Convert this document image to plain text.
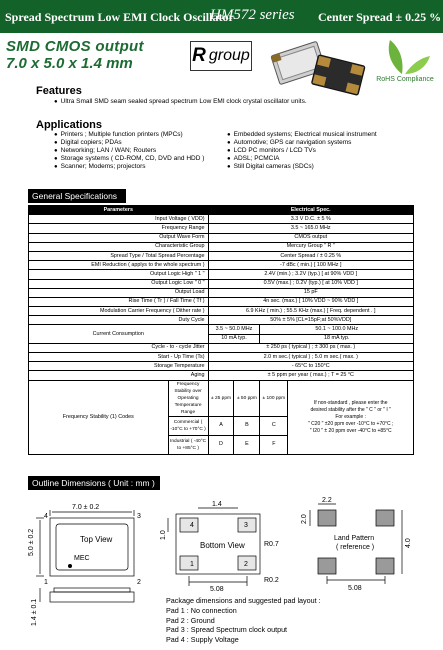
Spread Spectrum Low EMI Clock Oscillator
HM572 series Center Spread ± 0.25 %
SMD CMOS output
7.0 x 5.0 x 1.4 mm	R group
RoHS Compliance
Features
● Ultra Small SMD seam sealed spread spectrum Low EMI clock crystal oscillator units.
Applications
● Printers ; Multiple function printers (MPCs)
● Digital copiers; PDAs
● Networking; LAN / WAN; Routers
● Storage systems ( CD-ROM, CD, DVD and HDD )
● Scanner; Modems; projectors
● Embedded systems; Electrical musical instrument
● Automotive; GPS car navigation systems
● LCD PC monitors / LCD TVs
● ADSL; PCMCIA
● Still Digital cameras (SDCs)
General Specifications
Parameters		Electrical Spec.			
Input Voltage ( VDD)		3.3 V D.C. ± 5 %			
Frequency Range		3.5 ~ 165.0 MHz			
Output Wave Form		CMOS output			
Characteristic Group		Mercury Group " R "			
Spread Type / Total Spread Percentage		Center Spread / ± 0.25 %			
EMI Reduction ( applys to the whole spectrum )		-7 dBc ( min.) [ 100 MHz ]			
Output Logic High " 1 "		2.4V (min.) ; 3.2V (typ.) [ at 90% VDD ]			
Output Logic Low " 0 "		0.5V (max.) ; 0.2V (typ.) [ at 10% VDD ]			
Output Load		15 pF			
Rise Time ( Tr ) / Fall Time ( Tf )		4n sec. (max.) [ 10% VDD ~ 90% VDD ]			
Modulation Carrier Frequency ( Dither rate )		6.9 KHz ( min.) ; 55.5 KHz (max.) [ Freq. dependent . ]			
Duty Cycle		50% ± 5% [CL=15pF;at 50%VDD]			
Current Consumption		3.5 ~ 50.0 MHz		50.1 ~ 100.0 MHz	
		10 mA typ.		18 mA typ.	
Cycle - to - cycle Jitter		± 250 ps ( typical ) ; ± 300 ps ( max. )			
Start - Up Time (Ts)		2.0 m sec.( typical ) ; 5.0 m sec.( max. )			
Storage Temperature		- 65°C to 150°C			
Aging		± 5 ppm per year ( max.) ; T = 25 °C			
Frequency Stability (1) Codes	Frequency Stability over Operating Temperature Range	± 25 ppm	± 50 ppm	± 100 ppm	If non-standard , please enter the
desired stability after the " C " or " I "
For example :
" C20 " ±20 ppm over -10°C to +70°C ;
" I20 " ± 20 ppm over -40°C to +85°C

	Commercial ( -10°C to +70°C )	A	B	C	
	Industrial ( -40°C to +85°C )	D	E	F	
Outline Dimensions ( Unit : mm )
7.0 ± 0.2
5.0 ± 0.2	Top View
MEC
4	3
1	2
1.4 ± 0.1
4	3
1	2
Bottom View
1.4
1.0
R0.7
R0.2
5.08
2.2
2.0
Land Pattern
( reference )
5.08
4.0
Package dimensions and suggested pad layout :
Pad 1 : No connection
Pad 2 : Ground
Pad 3 : Spread Spectrum clock output
Pad 4 : Supply Voltage
